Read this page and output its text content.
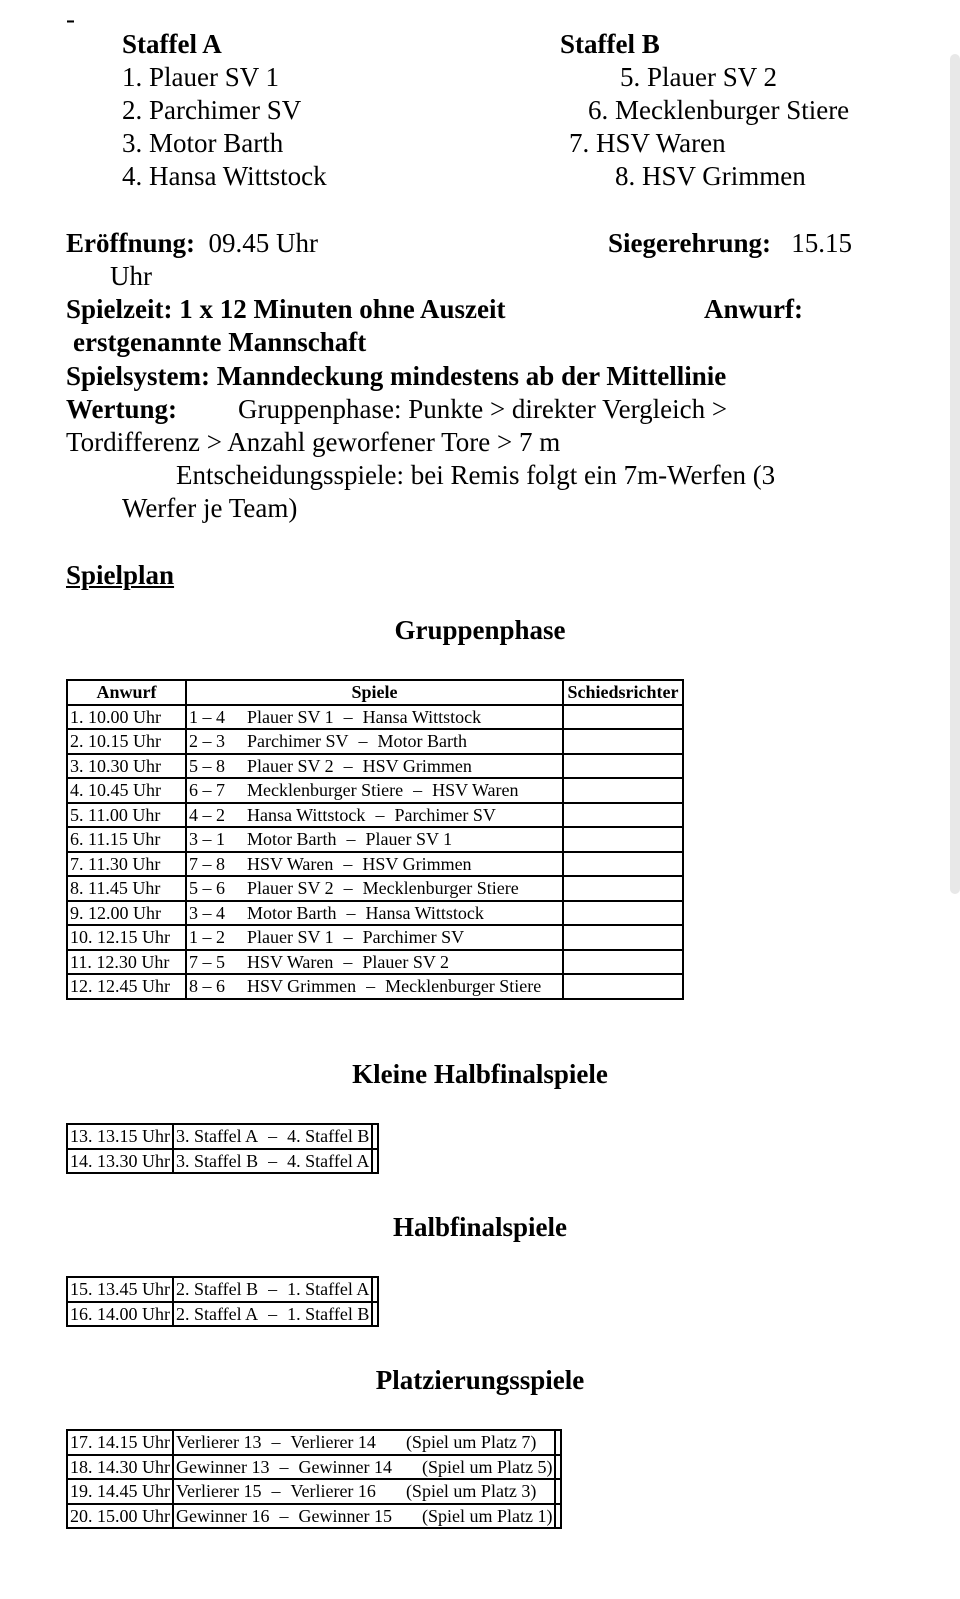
-
Staffel A
1. Plauer SV 1
2. Parchimer SV
3. Motor Barth
4. Hansa Wittstock
Staffel B
5. Plauer SV 2
6. Mecklenburger Stiere
7. HSV Waren
8. HSV Grimmen
Eröffnung: 09.45 Uhr	Siegerehrung: 15.15
Uhr
Spielzeit: 1 x 12 Minuten ohne Auszeit	Anwurf:
erstgenannte Mannschaft
Spielsystem: Manndeckung mindestens ab der Mittellinie
Wertung: Gruppenphase: Punkte > direkter Vergleich >
Tordifferenz > Anzahl geworfener Tore > 7 m
Entscheidungsspiele: bei Remis folgt ein 7m-Werfen (3
Werfer je Team)
Spielplan
Gruppenphase
Anwurf	Spiele	Schiedsrichter
1. 10.00 Uhr	1 – 4 Plauer SV 1 – Hansa Wittstock	
2. 10.15 Uhr	2 – 3 Parchimer SV – Motor Barth	
3. 10.30 Uhr	5 – 8 Plauer SV 2 – HSV Grimmen	
4. 10.45 Uhr	6 – 7 Mecklenburger Stiere – HSV Waren	
5. 11.00 Uhr	4 – 2 Hansa Wittstock – Parchimer SV	
6. 11.15 Uhr	3 – 1 Motor Barth – Plauer SV 1	
7. 11.30 Uhr	7 – 8 HSV Waren – HSV Grimmen	
8. 11.45 Uhr	5 – 6 Plauer SV 2 – Mecklenburger Stiere	
9. 12.00 Uhr	3 – 4 Motor Barth – Hansa Wittstock	
10. 12.15 Uhr	1 – 2 Plauer SV 1 – Parchimer SV	
11. 12.30 Uhr	7 – 5 HSV Waren – Plauer SV 2	
12. 12.45 Uhr	8 – 6 HSV Grimmen – Mecklenburger Stiere	
Kleine Halbfinalspiele
13. 13.15 Uhr	3. Staffel A – 4. Staffel B	
14. 13.30 Uhr	3. Staffel B – 4. Staffel A	
Halbfinalspiele
15. 13.45 Uhr	2. Staffel B – 1. Staffel A	
16. 14.00 Uhr	2. Staffel A – 1. Staffel B	
Platzierungsspiele
17. 14.15 Uhr	Verlierer 13 – Verlierer 14 (Spiel um Platz 7)	
18. 14.30 Uhr	Gewinner 13 – Gewinner 14 (Spiel um Platz 5)	
19. 14.45 Uhr	Verlierer 15 – Verlierer 16 (Spiel um Platz 3)	
20. 15.00 Uhr	Gewinner 16 – Gewinner 15 (Spiel um Platz 1)	
